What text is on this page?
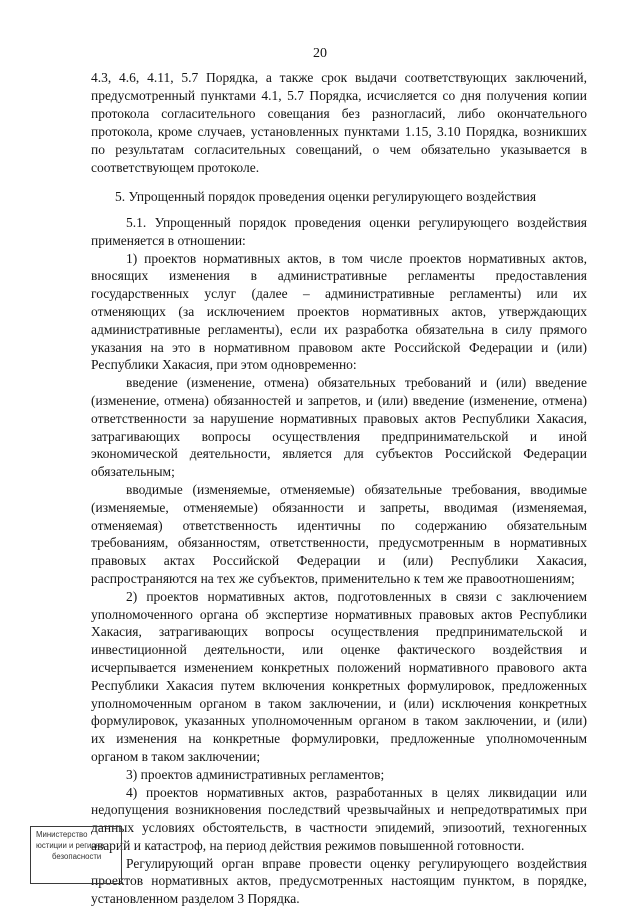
20
4.3, 4.6, 4.11, 5.7 Порядка, а также срок выдачи соответствующих заключений,
предусмотренный пунктами 4.1, 5.7 Порядка, исчисляется со дня получения копии
протокола согласительного совещания без разногласий, либо окончательного
протокола, кроме случаев, установленных пунктами 1.15, 3.10 Порядка, возникших
по результатам согласительных совещаний, о чем обязательно указывается в
соответствующем протоколе.
5. Упрощенный порядок проведения оценки регулирующего воздействия
5.1. Упрощенный порядок проведения оценки регулирующего воздействия
применяется в отношении:
1) проектов нормативных актов, в том числе проектов нормативных актов,
вносящих изменения в административные регламенты предоставления
государственных услуг (далее – административные регламенты) или их
отменяющих (за исключением проектов нормативных актов, утверждающих
административные регламенты), если их разработка обязательна в силу прямого
указания на это в нормативном правовом акте Российской Федерации и (или)
Республики Хакасия, при этом одновременно:
введение (изменение, отмена) обязательных требований и (или) введение
(изменение, отмена) обязанностей и запретов, и (или) введение (изменение, отмена)
ответственности за нарушение нормативных правовых актов Республики Хакасия,
затрагивающих вопросы осуществления предпринимательской и иной
экономической деятельности, является для субъектов Российской Федерации
обязательным;
вводимые (изменяемые, отменяемые) обязательные требования, вводимые
(изменяемые, отменяемые) обязанности и запреты, вводимая (изменяемая,
отменяемая) ответственность идентичны по содержанию обязательным
требованиям, обязанностям, ответственности, предусмотренным в нормативных
правовых актах Российской Федерации и (или) Республики Хакасия,
распространяются на тех же субъектов, применительно к тем же правоотношениям;
2) проектов нормативных актов, подготовленных в связи с заключением
уполномоченного органа об экспертизе нормативных правовых актов Республики
Хакасия, затрагивающих вопросы осуществления предпринимательской и
инвестиционной деятельности, или оценке фактического воздействия и
исчерпывается изменением конкретных положений нормативного правового акта
Республики Хакасия путем включения конкретных формулировок, предложенных
уполномоченным органом в таком заключении, и (или) исключения конкретных
формулировок, указанных уполномоченным органом в таком заключении, и (или)
их изменения на конкретные формулировки, предложенные уполномоченным
органом в таком заключении;
3) проектов административных регламентов;
4) проектов нормативных актов, разработанных в целях ликвидации или
недопущения возникновения последствий чрезвычайных и непредотвратимых при
данных условиях обстоятельств, в частности эпидемий, эпизоотий, техногенных
аварий и катастроф, на период действия режимов повышенной готовности.
Регулирующий орган вправе провести оценку регулирующего воздействия
проектов нормативных актов, предусмотренных настоящим пунктом, в порядке,
установленном разделом 3 Порядка.
Министерство
юстиции и региона
безопасности
